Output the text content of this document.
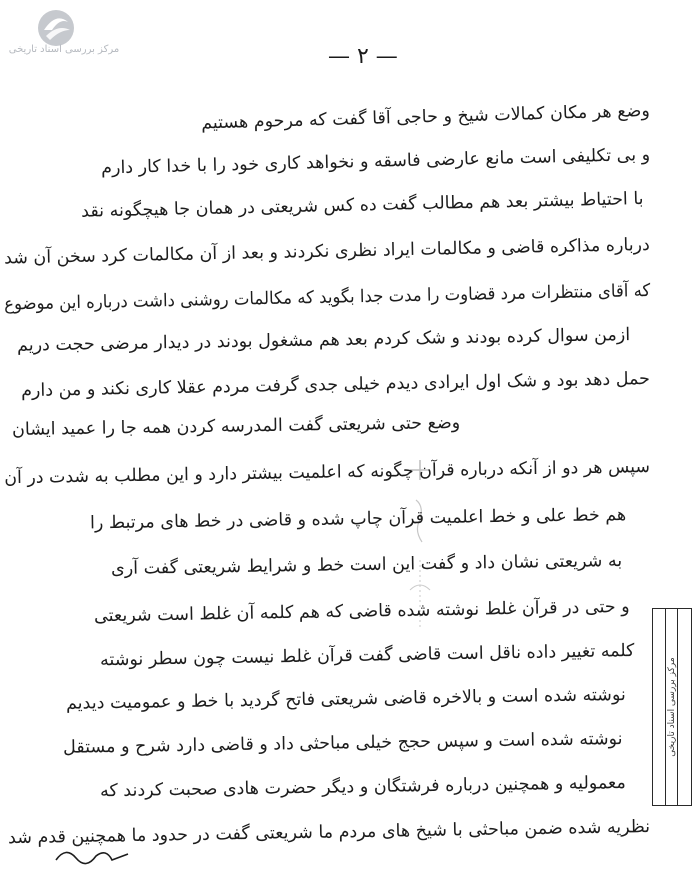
مرکز بررسی اسناد تاریخی	— ۲ —
وضع هر مکان کمالات شیخ و حاجی آقا گفت که مرحوم هستیم
و بی تکلیفی است مانع عارضی فاسقه و نخواهد کاری خود را با خدا کار دارم
با احتیاط بیشتر بعد هم مطالب گفت ده کس شریعتی در همان جا هیچگونه نقد
درباره مذاکره قاضی و مکالمات ایراد نظری نکردند و بعد از آن مکالمات کرد سخن آن شد
که آقای منتظرات مرد قضاوت را مدت جدا بگوید که مکالمات روشنی داشت درباره این موضوع
ازمن سوال کرده بودند و شک کردم بعد هم مشغول بودند در دیدار مرضی حجت دریم
حمل دهد بود و شک اول ایرادی دیدم خیلی جدی گرفت مردم عقلا کاری نکند و من دارم
وضع حتی شریعتی گفت المدرسه کردن همه جا را عمید ایشان
سپس هر دو از آنکه درباره قرآن چگونه که اعلمیت بیشتر دارد و این مطلب به شدت در آن
هم خط علی و خط اعلمیت قرآن چاپ شده و قاضی در خط های مرتبط را
به شریعتی نشان داد و گفت این است خط و شرایط شریعتی گفت آری
و حتی در قرآن غلط نوشته شده قاضی که هم کلمه آن غلط است شریعتی
کلمه تغییر داده ناقل است قاضی گفت قرآن غلط نیست چون سطر نوشته
نوشته شده است و بالاخره قاضی شریعتی فاتح گردید با خط و عمومیت دیدیم
نوشته شده است و سپس حجج خیلی مباحثی داد و قاضی دارد شرح و مستقل
معمولیه و همچنین درباره فرشتگان و دیگر حضرت هادی صحبت کردند که
نظریه شده ضمن مباحثی با شیخ های مردم ما شریعتی گفت در حدود ما همچنین قدم شد
مرکز بررسی اسناد تاریخی
